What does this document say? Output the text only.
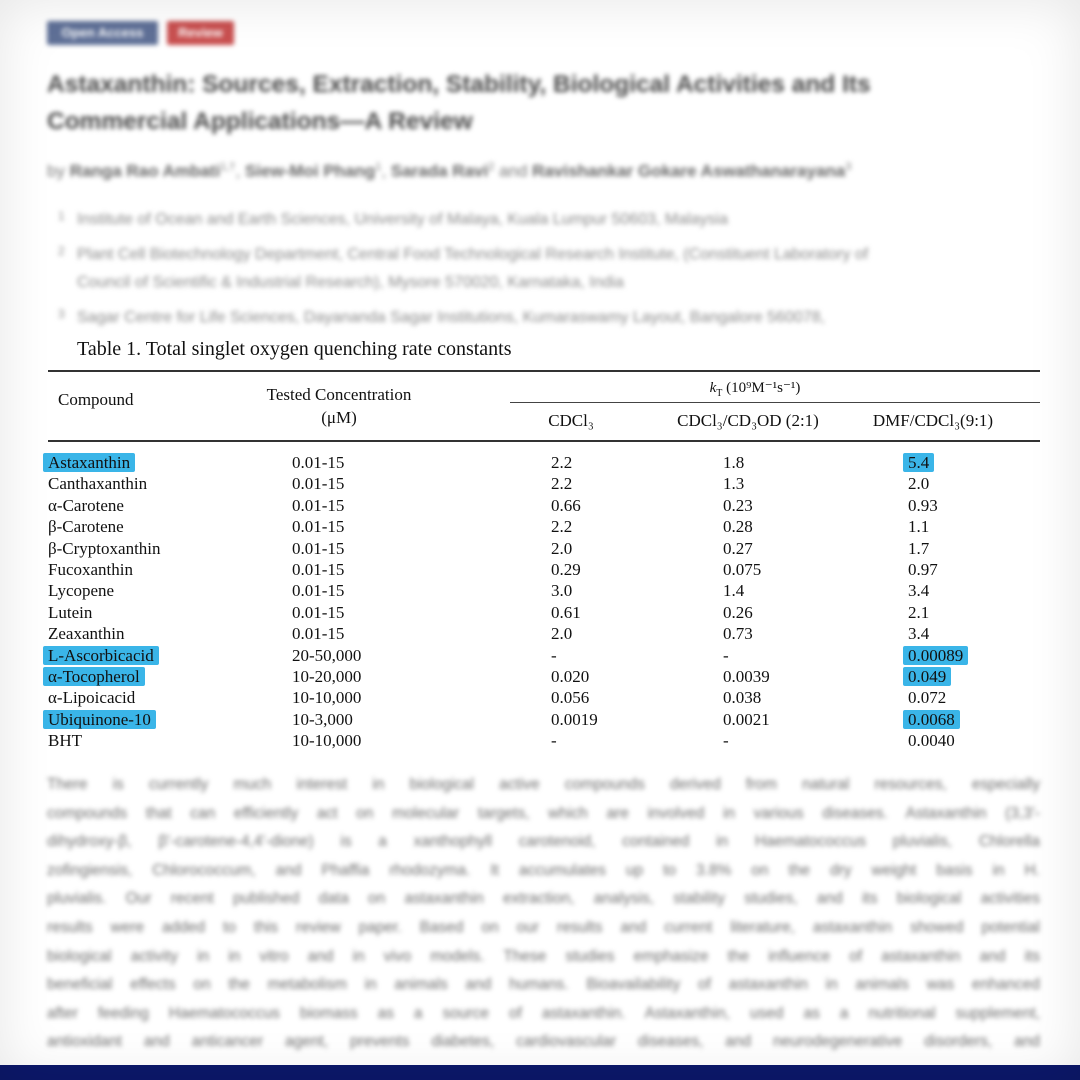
Open Access	Review
Astaxanthin: Sources, Extraction, Stability, Biological Activities and Its
Commercial Applications—A Review
by Ranga Rao Ambati$^{1,\dagger}$, Siew-Moi Phang$^1$, Sarada Ravi$^2$ and Ravishankar Gokare Aswathanarayana$^3$
1 Institute of Ocean and Earth Sciences, University of Malaya, Kuala Lumpur 50603, Malaysia
2 Plant Cell Biotechnology Department, Central Food Technological Research Institute, (Constituent Laboratory of
Council of Scientific & Industrial Research), Mysore 570020, Karnataka, India
3 Sagar Centre for Life Sciences, Dayananda Sagar Institutions, Kumaraswamy Layout, Bangalore 560078,
Table 1. Total singlet oxygen quenching rate constants
Compound	Tested Concentration
(μM)
$k_T$ (10⁹M⁻¹s⁻¹)
CDCl₃	CDCl₃/CD₃OD (2:1)	DMF/CDCl₃(9:1)
Astaxanthin	0.01-15	2.2	1.8	5.4
Canthaxanthin	0.01-15	2.2	1.3	2.0
α-Carotene	0.01-15	0.66	0.23	0.93
β-Carotene	0.01-15	2.2	0.28	1.1
β-Cryptoxanthin	0.01-15	2.0	0.27	1.7
Fucoxanthin	0.01-15	0.29	0.075	0.97
Lycopene	0.01-15	3.0	1.4	3.4
Lutein	0.01-15	0.61	0.26	2.1
Zeaxanthin	0.01-15	2.0	0.73	3.4
L-Ascorbicacid	20-50,000	-	-	0.00089
α-Tocopherol	10-20,000	0.020	0.0039	0.049
α-Lipoicacid	10-10,000	0.056	0.038	0.072
Ubiquinone-10	10-3,000	0.0019	0.0021	0.0068
BHT	10-10,000	-	-	0.0040
There is currently much interest in biological active compounds derived from natural resources, especially
compounds that can efficiently act on molecular targets, which are involved in various diseases. Astaxanthin (3,3'-
dihydroxy-β, β'-carotene-4,4'-dione) is a xanthophyll carotenoid, contained in Haematococcus pluvialis, Chlorella
zofingiensis, Chlorococcum, and Phaffia rhodozyma. It accumulates up to 3.8% on the dry weight basis in H.
pluvialis. Our recent published data on astaxanthin extraction, analysis, stability studies, and its biological activities
results were added to this review paper. Based on our results and current literature, astaxanthin showed potential
biological activity in in vitro and in vivo models. These studies emphasize the influence of astaxanthin and its
beneficial effects on the metabolism in animals and humans. Bioavailability of astaxanthin in animals was enhanced
after feeding Haematococcus biomass as a source of astaxanthin. Astaxanthin, used as a nutritional supplement,
antioxidant and anticancer agent, prevents diabetes, cardiovascular diseases, and neurodegenerative disorders, and
